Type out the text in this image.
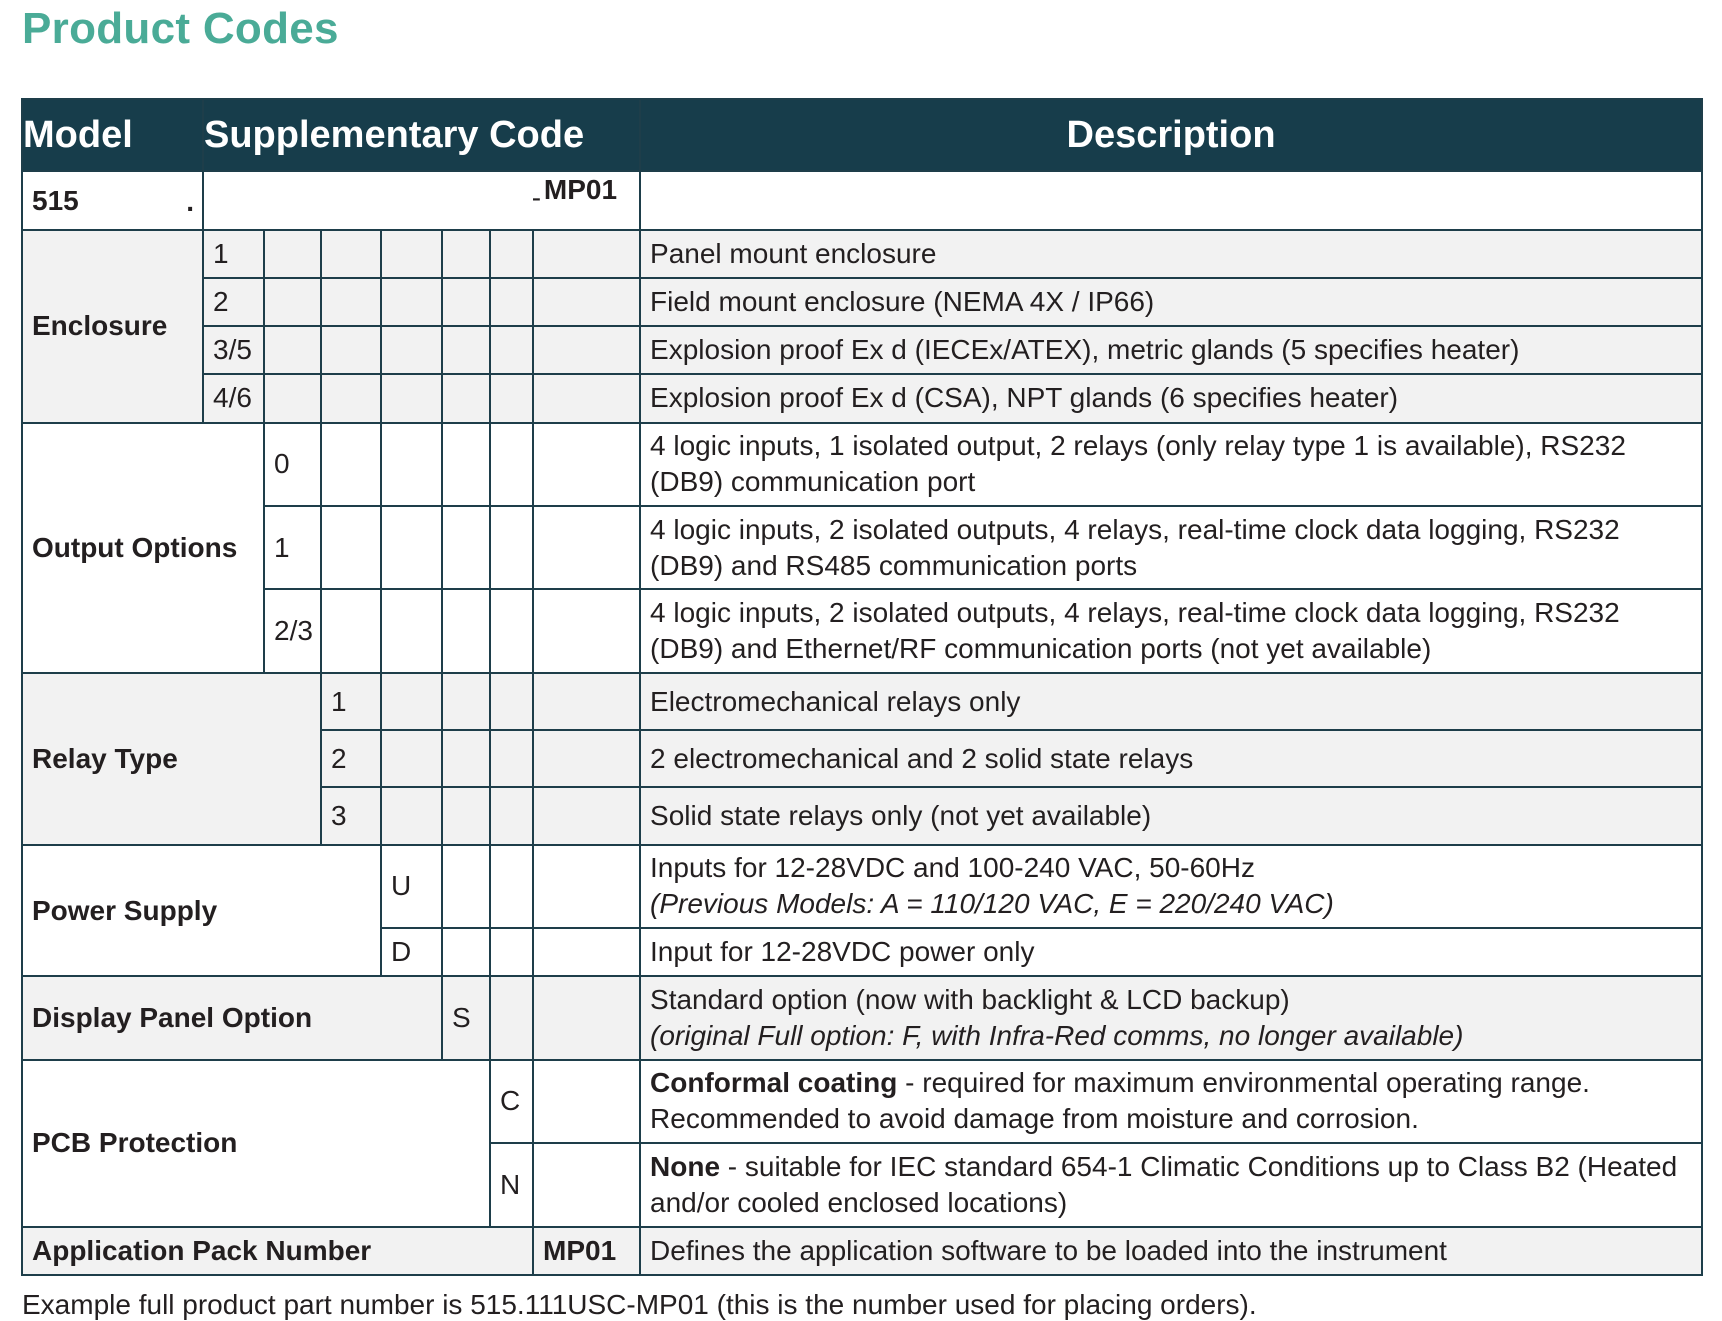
Product Codes
Model	Supplementary Code							Description
515 .	- MP01							

Enclosure	1							Panel mount enclosure
	2							Field mount enclosure (NEMA 4X / IP66)
	3/5							Explosion proof Ex d (IECEx/ATEX), metric glands (5 specifies heater)
	4/6							Explosion proof Ex d (CSA), NPT glands (6 specifies heater)
Output Options		0						4 logic inputs, 1 isolated output, 2 relays (only relay type 1 is available), RS232 (DB9) communication port
		1						4 logic inputs, 2 isolated outputs, 4 relays, real-time clock data logging, RS232 (DB9) and RS485 communication ports
		2/3						4 logic inputs, 2 isolated outputs, 4 relays, real-time clock data logging, RS232 (DB9) and Ethernet/RF communication ports (not yet available)
Relay Type			1					Electromechanical relays only
			2					2 electromechanical and 2 solid state relays
			3					Solid state relays only (not yet available)
Power Supply				U				Inputs for 12-28VDC and 100-240 VAC, 50-60Hz
(Previous Models: A = 110/120 VAC, E = 220/240 VAC)
				D				Input for 12-28VDC power only
Display Panel Option					S			Standard option (now with backlight & LCD backup)
(original Full option: F, with Infra-Red comms, no longer available)
PCB Protection						C		Conformal coating - required for maximum environmental operating range. Recommended to avoid damage from moisture and corrosion.
						N		None - suitable for IEC standard 654-1 Climatic Conditions up to Class B2 (Heated and/or cooled enclosed locations)
Application Pack Number							MP01	Defines the application software to be loaded into the instrument

Example full product part number is 515.111USC-MP01 (this is the number used for placing orders).
